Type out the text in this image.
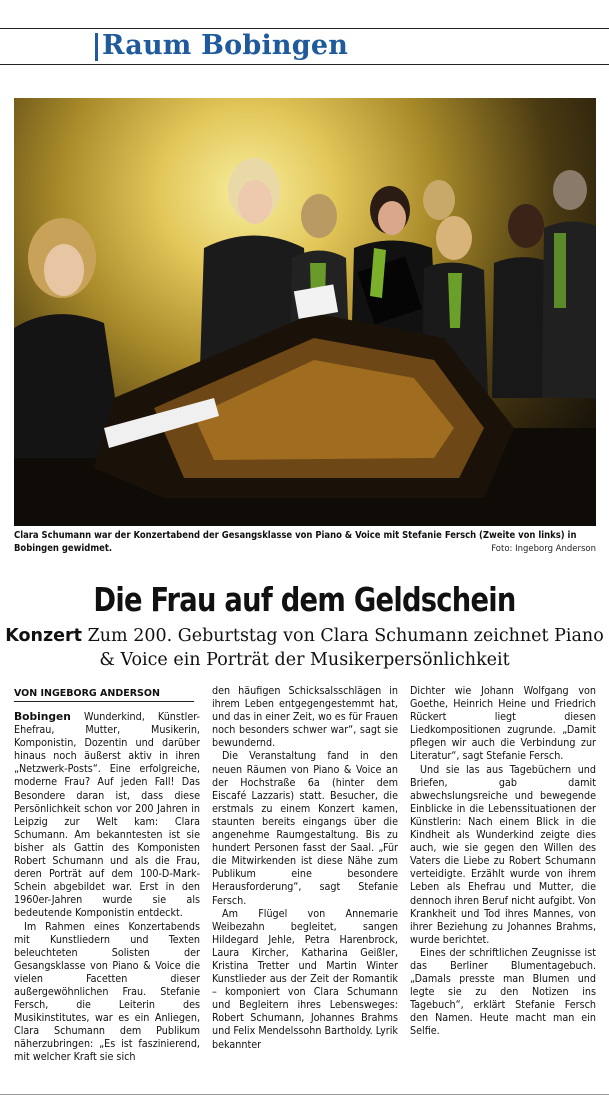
Raum Bobingen
Clara Schumann war der Konzertabend der Gesangsklasse von Piano & Voice mit Stefanie Fersch (Zweite von links) in Bobingen gewidmet.	Foto: Ingeborg Anderson
Die Frau auf dem Geldschein
Konzert Zum 200. Geburtstag von Clara Schumann zeichnet Piano & Voice ein Porträt der Musikerpersönlichkeit
VON INGEBORG ANDERSON

Bobingen Wunderkind, Künstler-Ehefrau, Mutter, Musikerin, Komponistin, Dozentin und darüber hinaus noch äußerst aktiv in ihren „Netzwerk-Posts“. Eine erfolgreiche, moderne Frau? Auf jeden Fall! Das Besondere daran ist, dass diese Persönlichkeit schon vor 200 Jahren in Leipzig zur Welt kam: Clara Schumann. Am bekanntesten ist sie bisher als Gattin des Komponisten Robert Schumann und als die Frau, deren Porträt auf dem 100-D-Mark-Schein abgebildet war. Erst in den 1960er-Jahren wurde sie als bedeutende Komponistin entdeckt.

Im Rahmen eines Konzertabends mit Kunstliedern und Texten beleuchteten Solisten der Gesangsklasse von Piano & Voice die vielen Facetten dieser außergewöhnlichen Frau. Stefanie Fersch, die Leiterin des Musikinstitutes, war es ein Anliegen, Clara Schumann dem Publikum näherzubringen: „Es ist faszinierend, mit welcher Kraft sie sich

den häufigen Schicksalsschlägen in ihrem Leben entgegengestemmt hat, und das in einer Zeit, wo es für Frauen noch besonders schwer war“, sagt sie bewundernd.

Die Veranstaltung fand in den neuen Räumen von Piano & Voice an der Hochstraße 6a (hinter dem Eiscafé Lazzaris) statt. Besucher, die erstmals zu einem Konzert kamen, staunten bereits eingangs über die angenehme Raumgestaltung. Bis zu hundert Personen fasst der Saal. „Für die Mitwirkenden ist diese Nähe zum Publikum eine besondere Herausforderung“, sagt Stefanie Fersch.

Am Flügel von Annemarie Weibezahn begleitet, sangen Hildegard Jehle, Petra Harenbrock, Laura Kircher, Katharina Geißler, Kristina Tretter und Martin Winter Kunstlieder aus der Zeit der Romantik – komponiert von Clara Schumann und Begleitern ihres Lebensweges: Robert Schumann, Johannes Brahms und Felix Mendelssohn Bartholdy. Lyrik bekannter

Dichter wie Johann Wolfgang von Goethe, Heinrich Heine und Friedrich Rückert liegt diesen Liedkompositionen zugrunde. „Damit pflegen wir auch die Verbindung zur Literatur“, sagt Stefanie Fersch.

Und sie las aus Tagebüchern und Briefen, gab damit abwechslungsreiche und bewegende Einblicke in die Lebenssituationen der Künstlerin: Nach einem Blick in die Kindheit als Wunderkind zeigte dies auch, wie sie gegen den Willen des Vaters die Liebe zu Robert Schumann verteidigte. Erzählt wurde von ihrem Leben als Ehefrau und Mutter, die dennoch ihren Beruf nicht aufgibt. Von Krankheit und Tod ihres Mannes, von ihrer Beziehung zu Johannes Brahms, wurde berichtet.

Eines der schriftlichen Zeugnisse ist das Berliner Blumentagebuch. „Damals presste man Blumen und legte sie zu den Notizen ins Tagebuch“, erklärt Stefanie Fersch den Namen. Heute macht man ein Selfie.
